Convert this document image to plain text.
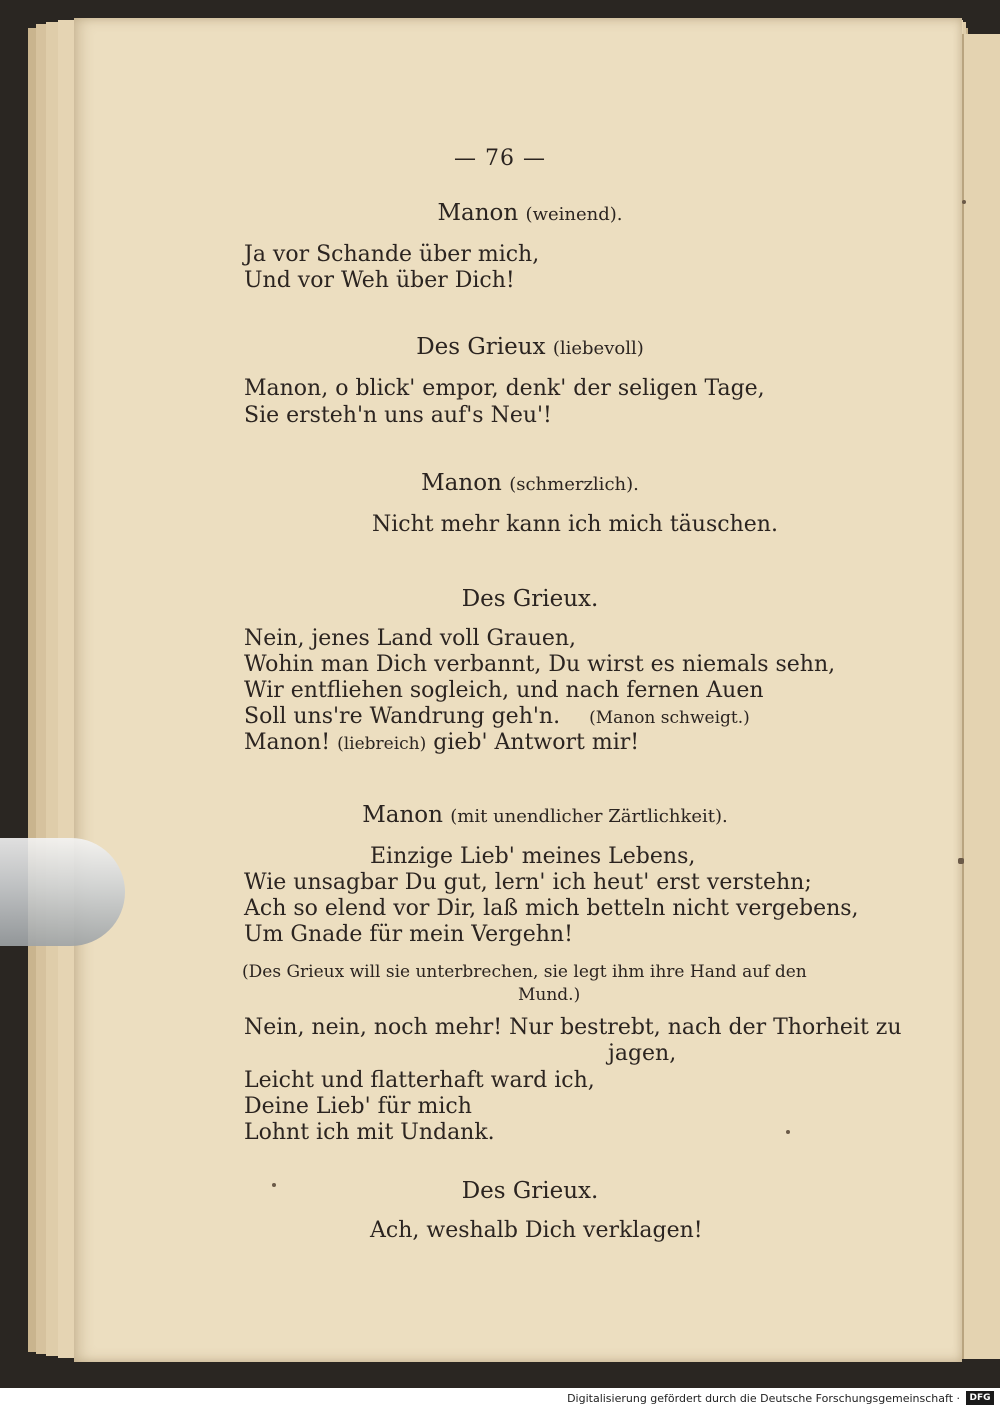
— 76 —
Manon (weinend).
Ja vor Schande über mich,
Und vor Weh über Dich!
Des Grieux (liebevoll)
Manon, o blick' empor, denk' der seligen Tage,
Sie ersteh'n uns auf's Neu'!
Manon (schmerzlich).
Nicht mehr kann ich mich täuschen.
Des Grieux.
Nein, jenes Land voll Grauen,
Wohin man Dich verbannt, Du wirst es niemals sehn,
Wir entfliehen sogleich, und nach fernen Auen
Soll uns're Wandrung geh'n. (Manon schweigt.)
Manon! (liebreich) gieb' Antwort mir!
Manon (mit unendlicher Zärtlichkeit).
Einzige Lieb' meines Lebens,
Wie unsagbar Du gut, lern' ich heut' erst verstehn;
Ach so elend vor Dir, laß mich betteln nicht vergebens,
Um Gnade für mein Vergehn!
(Des Grieux will sie unterbrechen, sie legt ihm ihre Hand auf den
Mund.)
Nein, nein, noch mehr! Nur bestrebt, nach der Thorheit zu
jagen,
Leicht und flatterhaft ward ich,
Deine Lieb' für mich
Lohnt ich mit Undank.
Des Grieux.
Ach, weshalb Dich verklagen!
Digitalisierung gefördert durch die Deutsche Forschungsgemeinschaft ·	DFG
